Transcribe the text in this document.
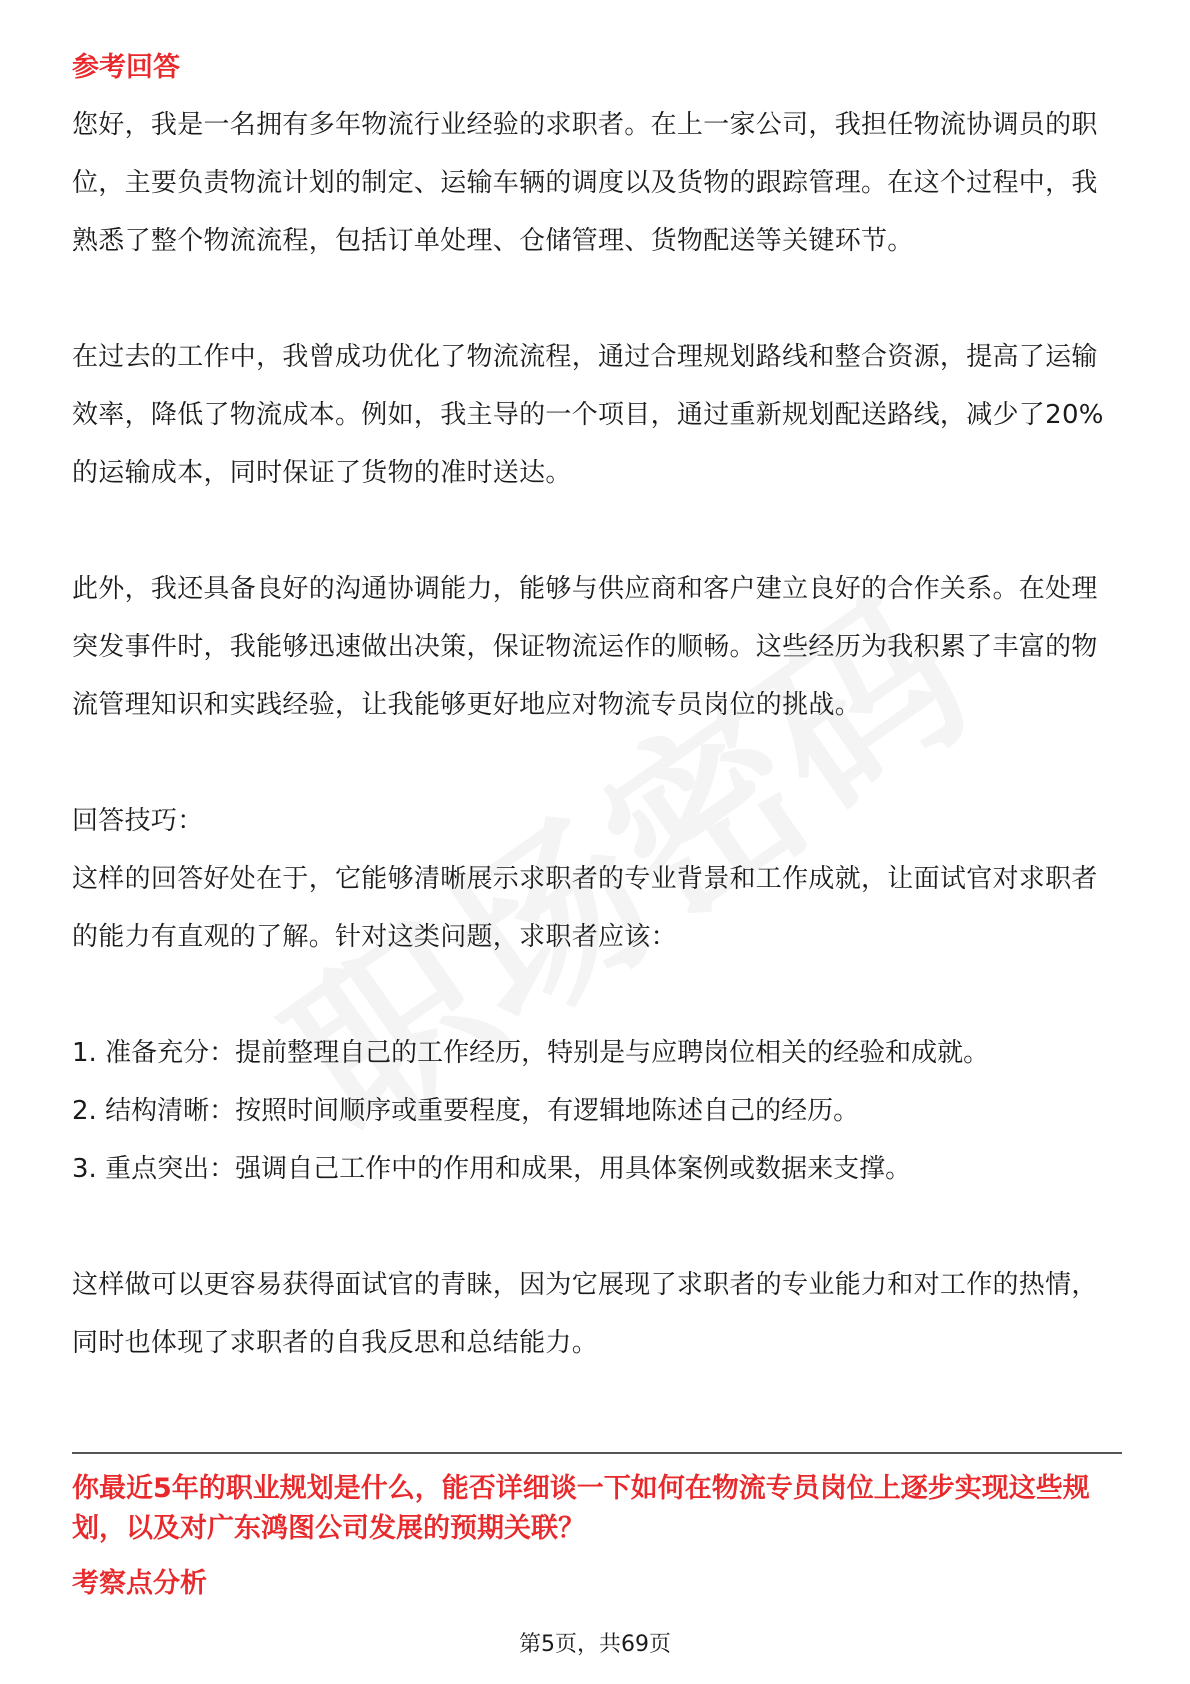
参考回答

您好，我是一名拥有多年物流行业经验的求职者。在上一家公司，我担任物流协调员的职位，主要负责物流计划的制定、运输车辆的调度以及货物的跟踪管理。在这个过程中，我熟悉了整个物流流程，包括订单处理、仓储管理、货物配送等关键环节。

在过去的工作中，我曾成功优化了物流流程，通过合理规划路线和整合资源，提高了运输效率，降低了物流成本。例如，我主导的一个项目，通过重新规划配送路线，减少了20%的运输成本，同时保证了货物的准时送达。

此外，我还具备良好的沟通协调能力，能够与供应商和客户建立良好的合作关系。在处理突发事件时，我能够迅速做出决策，保证物流运作的顺畅。这些经历为我积累了丰富的物流管理知识和实践经验，让我能够更好地应对物流专员岗位的挑战。

回答技巧：

这样的回答好处在于，它能够清晰展示求职者的专业背景和工作成就，让面试官对求职者的能力有直观的了解。针对这类问题，求职者应该：

1. 准备充分：提前整理自己的工作经历，特别是与应聘岗位相关的经验和成就。

2. 结构清晰：按照时间顺序或重要程度，有逻辑地陈述自己的经历。

3. 重点突出：强调自己工作中的作用和成果，用具体案例或数据来支撑。

这样做可以更容易获得面试官的青睐，因为它展现了求职者的专业能力和对工作的热情，同时也体现了求职者的自我反思和总结能力。

你最近5年的职业规划是什么，能否详细谈一下如何在物流专员岗位上逐步实现这些规划，以及对广东鸿图公司发展的预期关联？

考察点分析

第5页，共69页
